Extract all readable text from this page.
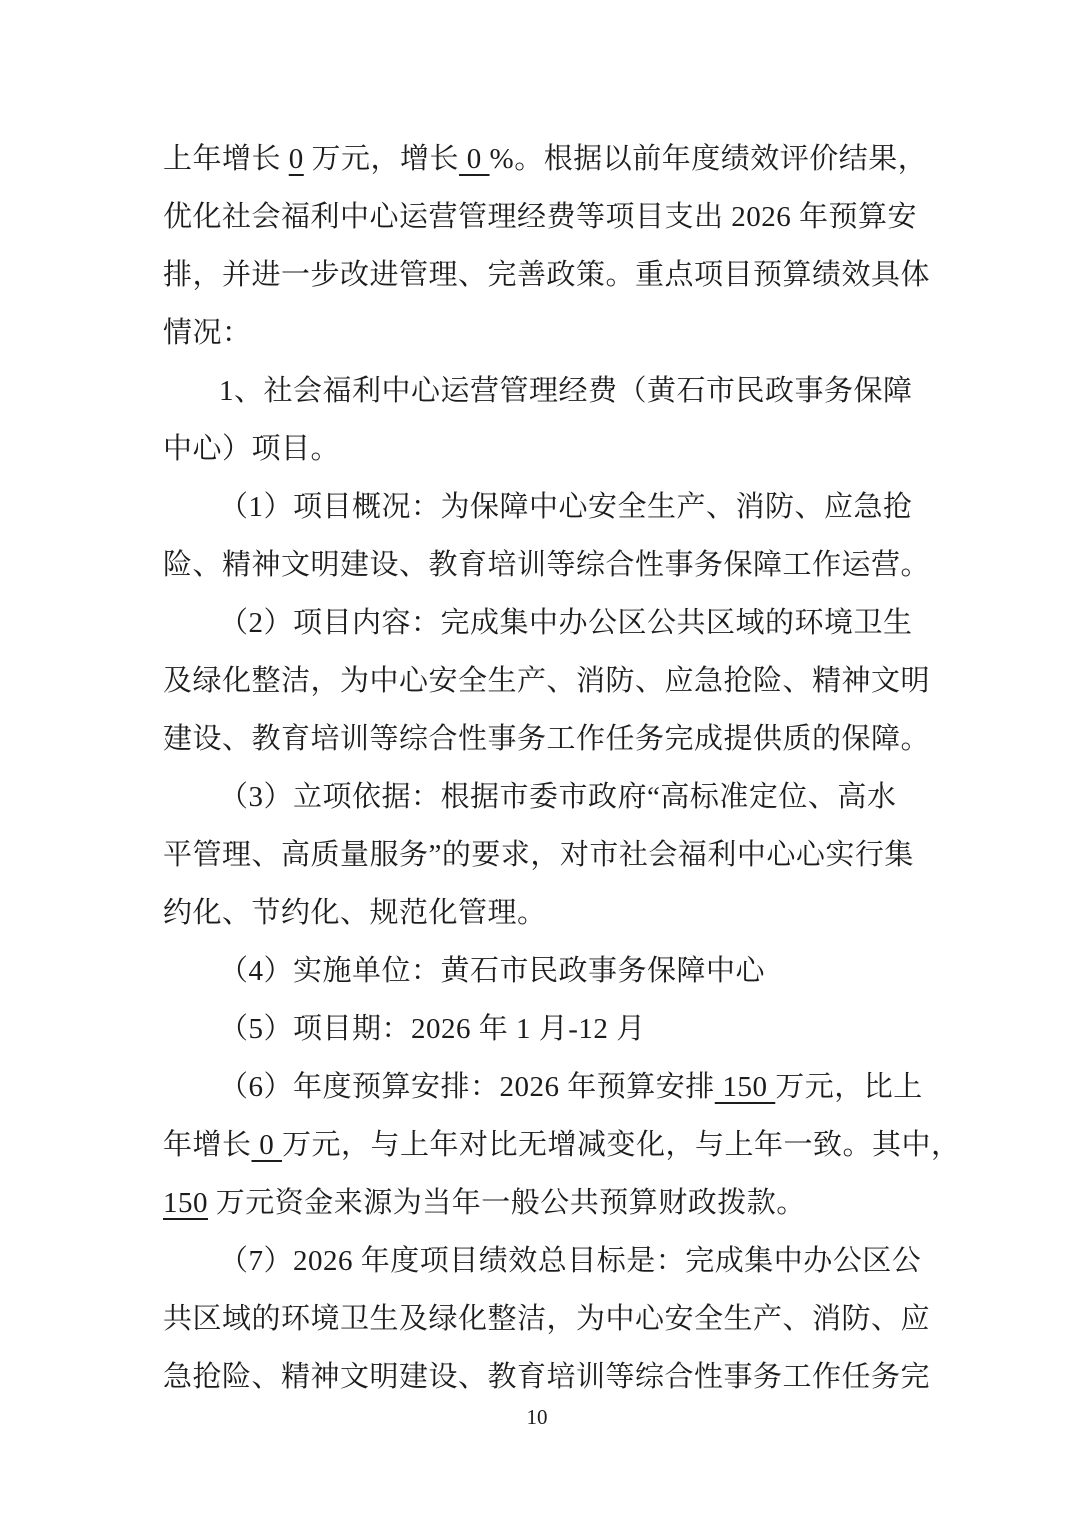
上年增长 0 万元，增长 0 %。根据以前年度绩效评价结果，
优化社会福利中心运营管理经费等项目支出 2026 年预算安
排，并进一步改进管理、完善政策。重点项目预算绩效具体
情况：
1、社会福利中心运营管理经费（黄石市民政事务保障
中心）项目。
（1）项目概况：为保障中心安全生产、消防、应急抢
险、精神文明建设、教育培训等综合性事务保障工作运营。
（2）项目内容：完成集中办公区公共区域的环境卫生
及绿化整洁，为中心安全生产、消防、应急抢险、精神文明
建设、教育培训等综合性事务工作任务完成提供质的保障。
（3）立项依据：根据市委市政府“高标准定位、高水
平管理、高质量服务”的要求，对市社会福利中心心实行集
约化、节约化、规范化管理。
（4）实施单位：黄石市民政事务保障中心
（5）项目期：2026 年 1 月-12 月
（6）年度预算安排：2026 年预算安排 150 万元，比上
年增长 0 万元，与上年对比无增减变化，与上年一致。其中，
150 万元资金来源为当年一般公共预算财政拨款。
（7）2026 年度项目绩效总目标是：完成集中办公区公
共区域的环境卫生及绿化整洁，为中心安全生产、消防、应
急抢险、精神文明建设、教育培训等综合性事务工作任务完
10
